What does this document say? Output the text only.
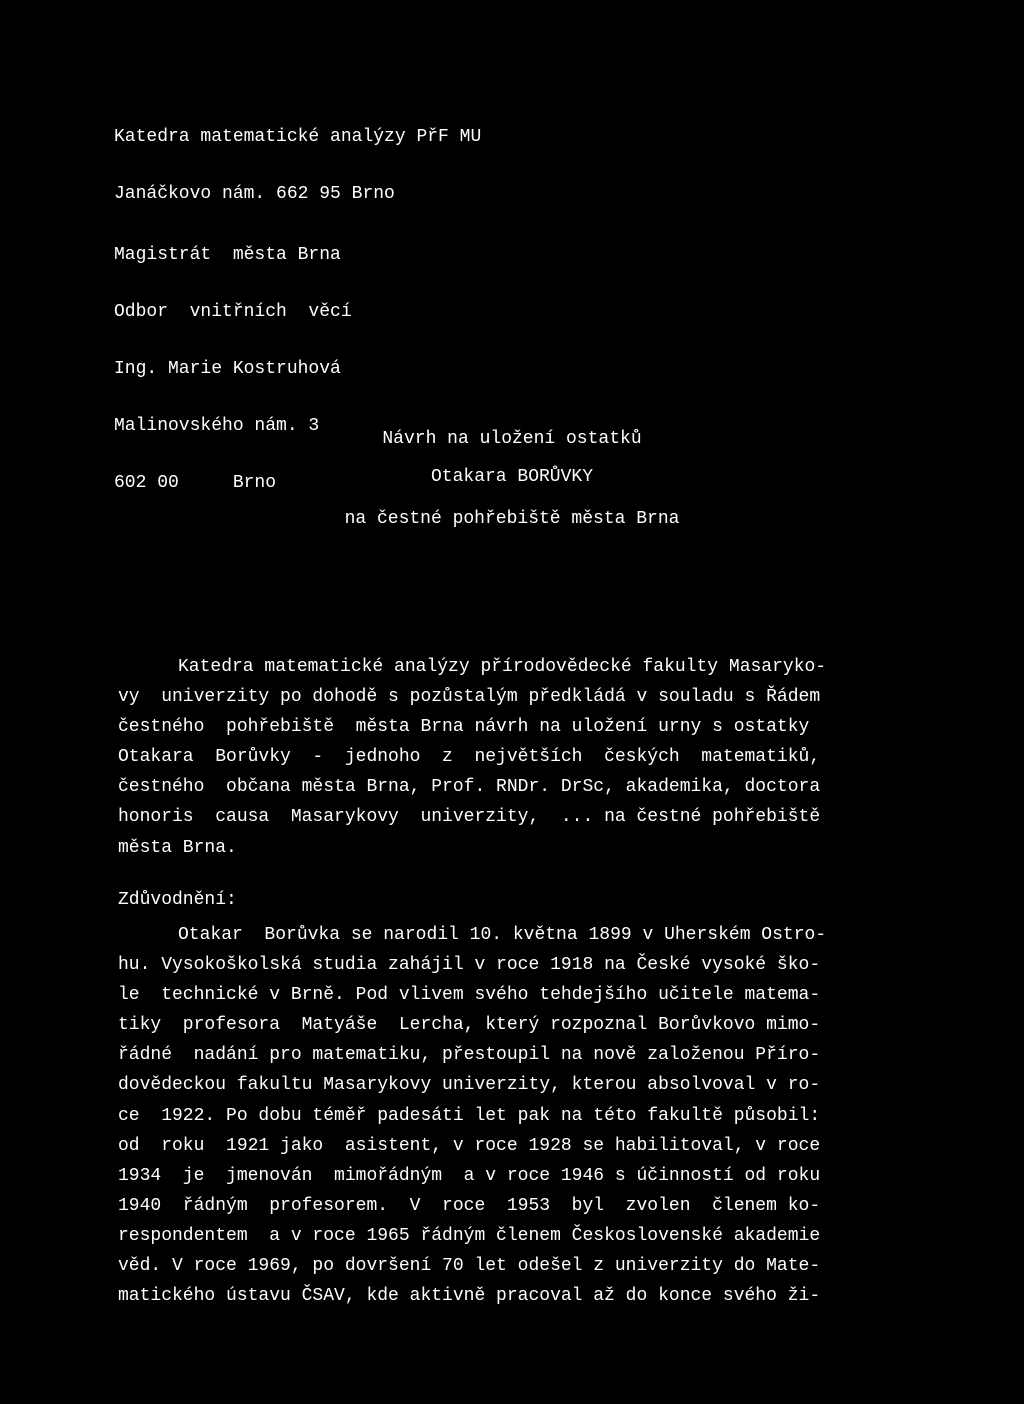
Katedra matematické analýzy PřF MU

Janáčkovo nám. 662 95 Brno

Magistrát  města Brna

Odbor  vnitřních  věcí

Ing. Marie Kostruhová

Malinovského nám. 3

602 00     Brno

Návrh na uložení ostatků
Otakara BORŮVKY
na čestné pohřebiště města Brna
Katedra matematické analýzy přírodovědecké fakulty Masaryko-
vy  univerzity po dohodě s pozůstalým předkládá v souladu s Řádem
čestného  pohřebiště  města Brna návrh na uložení urny s ostatky
Otakara  Borůvky  -  jednoho  z  největších  českých  matematiků,
čestného  občana města Brna, Prof. RNDr. DrSc, akademika, doctora
honoris  causa  Masarykovy  univerzity,  ... na čestné pohřebiště
města Brna.
Zdůvodnění:
Otakar  Borůvka se narodil 10. května 1899 v Uherském Ostro-
hu. Vysokoškolská studia zahájil v roce 1918 na České vysoké ško-
le  technické v Brně. Pod vlivem svého tehdejšího učitele matema-
tiky  profesora  Matyáše  Lercha, který rozpoznal Borůvkovo mimo-
řádné  nadání pro matematiku, přestoupil na nově založenou Příro-
dovědeckou fakultu Masarykovy univerzity, kterou absolvoval v ro-
ce  1922. Po dobu téměř padesáti let pak na této fakultě působil:
od  roku  1921 jako  asistent, v roce 1928 se habilitoval, v roce
1934  je  jmenován  mimořádným  a v roce 1946 s účinností od roku
1940  řádným  profesorem.  V  roce  1953  byl  zvolen  členem ko-
respondentem  a v roce 1965 řádným členem Československé akademie
věd. V roce 1969, po dovršení 70 let odešel z univerzity do Mate-
matického ústavu ČSAV, kde aktivně pracoval až do konce svého ži-
